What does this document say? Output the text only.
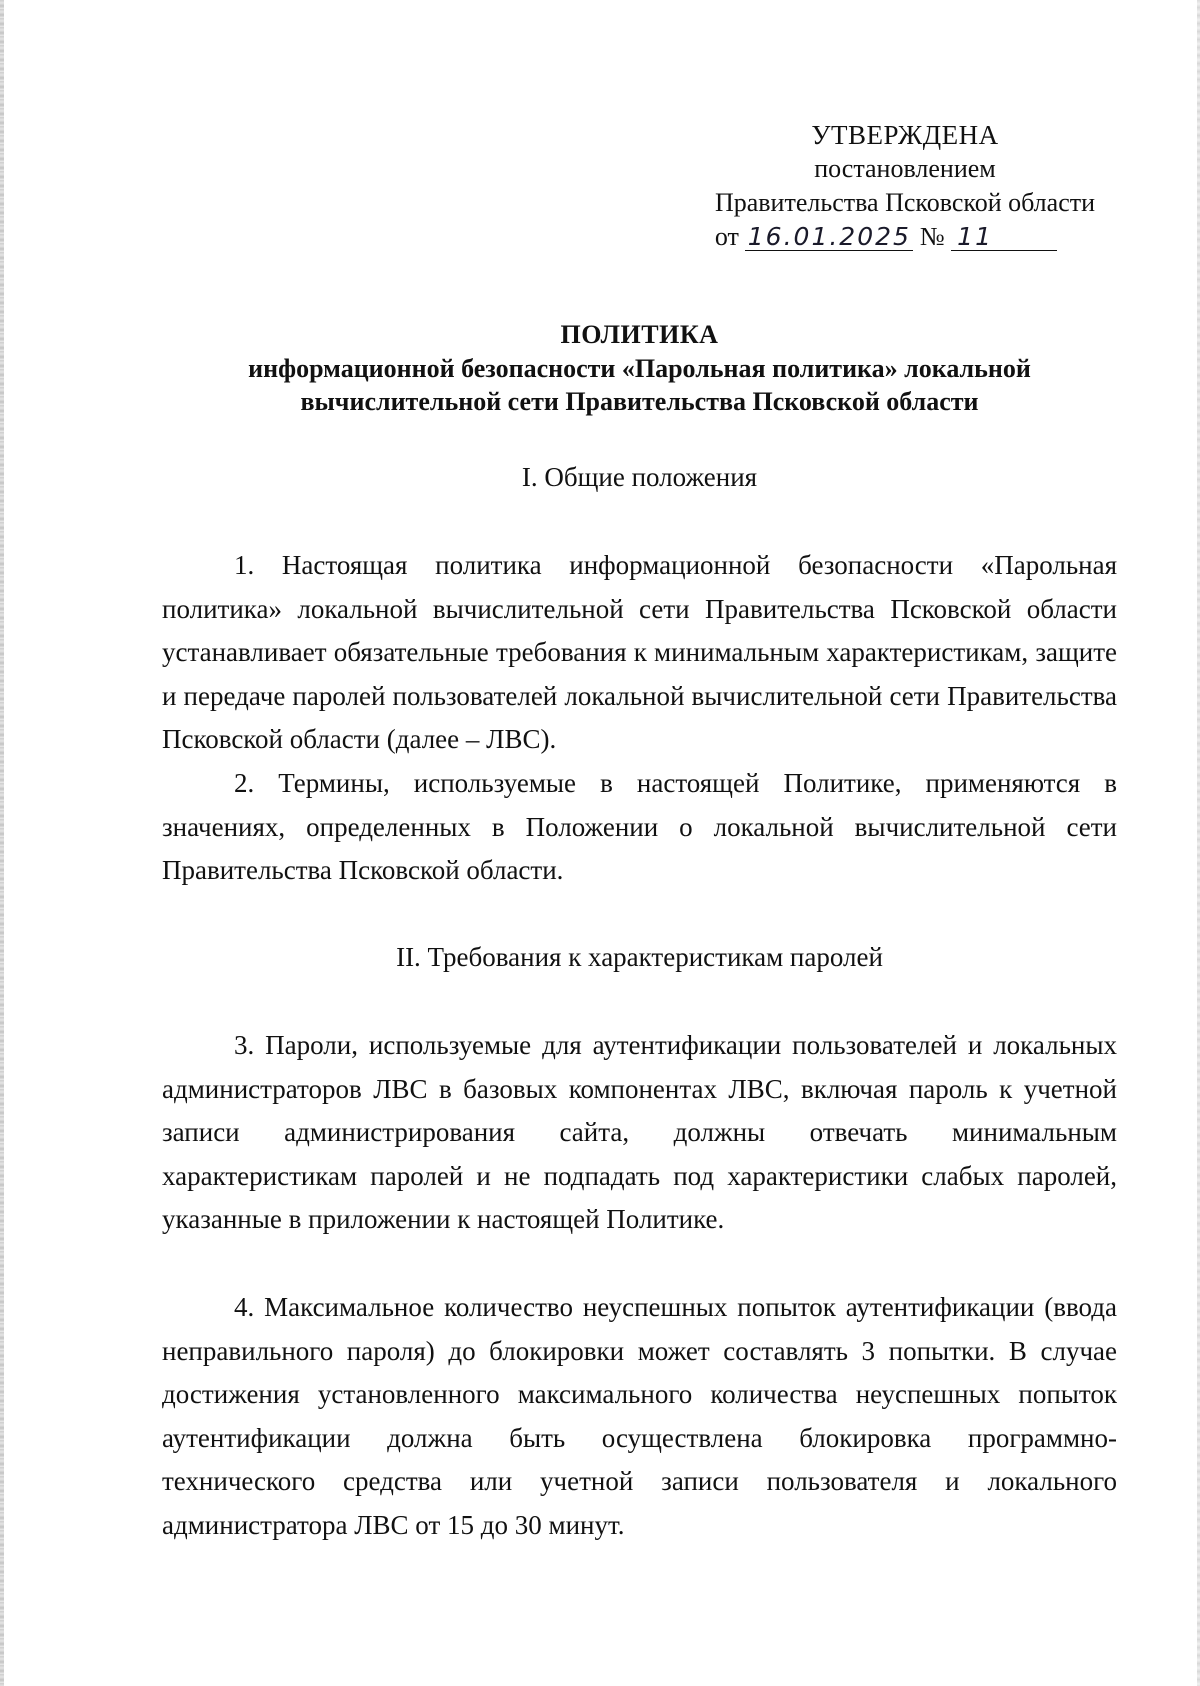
УТВЕРЖДЕНА
постановлением
Правительства Псковской области
от 16.01.2025 № 11
ПОЛИТИКА
информационной безопасности «Парольная политика» локальной
вычислительной сети Правительства Псковской области
I. Общие положения

1. Настоящая политика информационной безопасности «Парольная политика» локальной вычислительной сети Правительства Псковской области устанавливает обязательные требования к минимальным характеристикам, защите и передаче паролей пользователей локальной вычислительной сети Правительства Псковской области (далее – ЛВС).

2. Термины, используемые в настоящей Политике, применяются в значениях, определенных в Положении о локальной вычислительной сети Правительства Псковской области.

II. Требования к характеристикам паролей

3. Пароли, используемые для аутентификации пользователей и локальных администраторов ЛВС в базовых компонентах ЛВС, включая пароль к учетной записи администрирования сайта, должны отвечать минимальным характеристикам паролей и не подпадать под характеристики слабых паролей, указанные в приложении к настоящей Политике.

4. Максимальное количество неуспешных попыток аутентификации (ввода неправильного пароля) до блокировки может составлять 3 попытки. В случае достижения установленного максимального количества неуспешных попыток аутентификации должна быть осуществлена блокировка программно-технического средства или учетной записи пользователя и локального администратора ЛВС от 15 до 30 минут.
